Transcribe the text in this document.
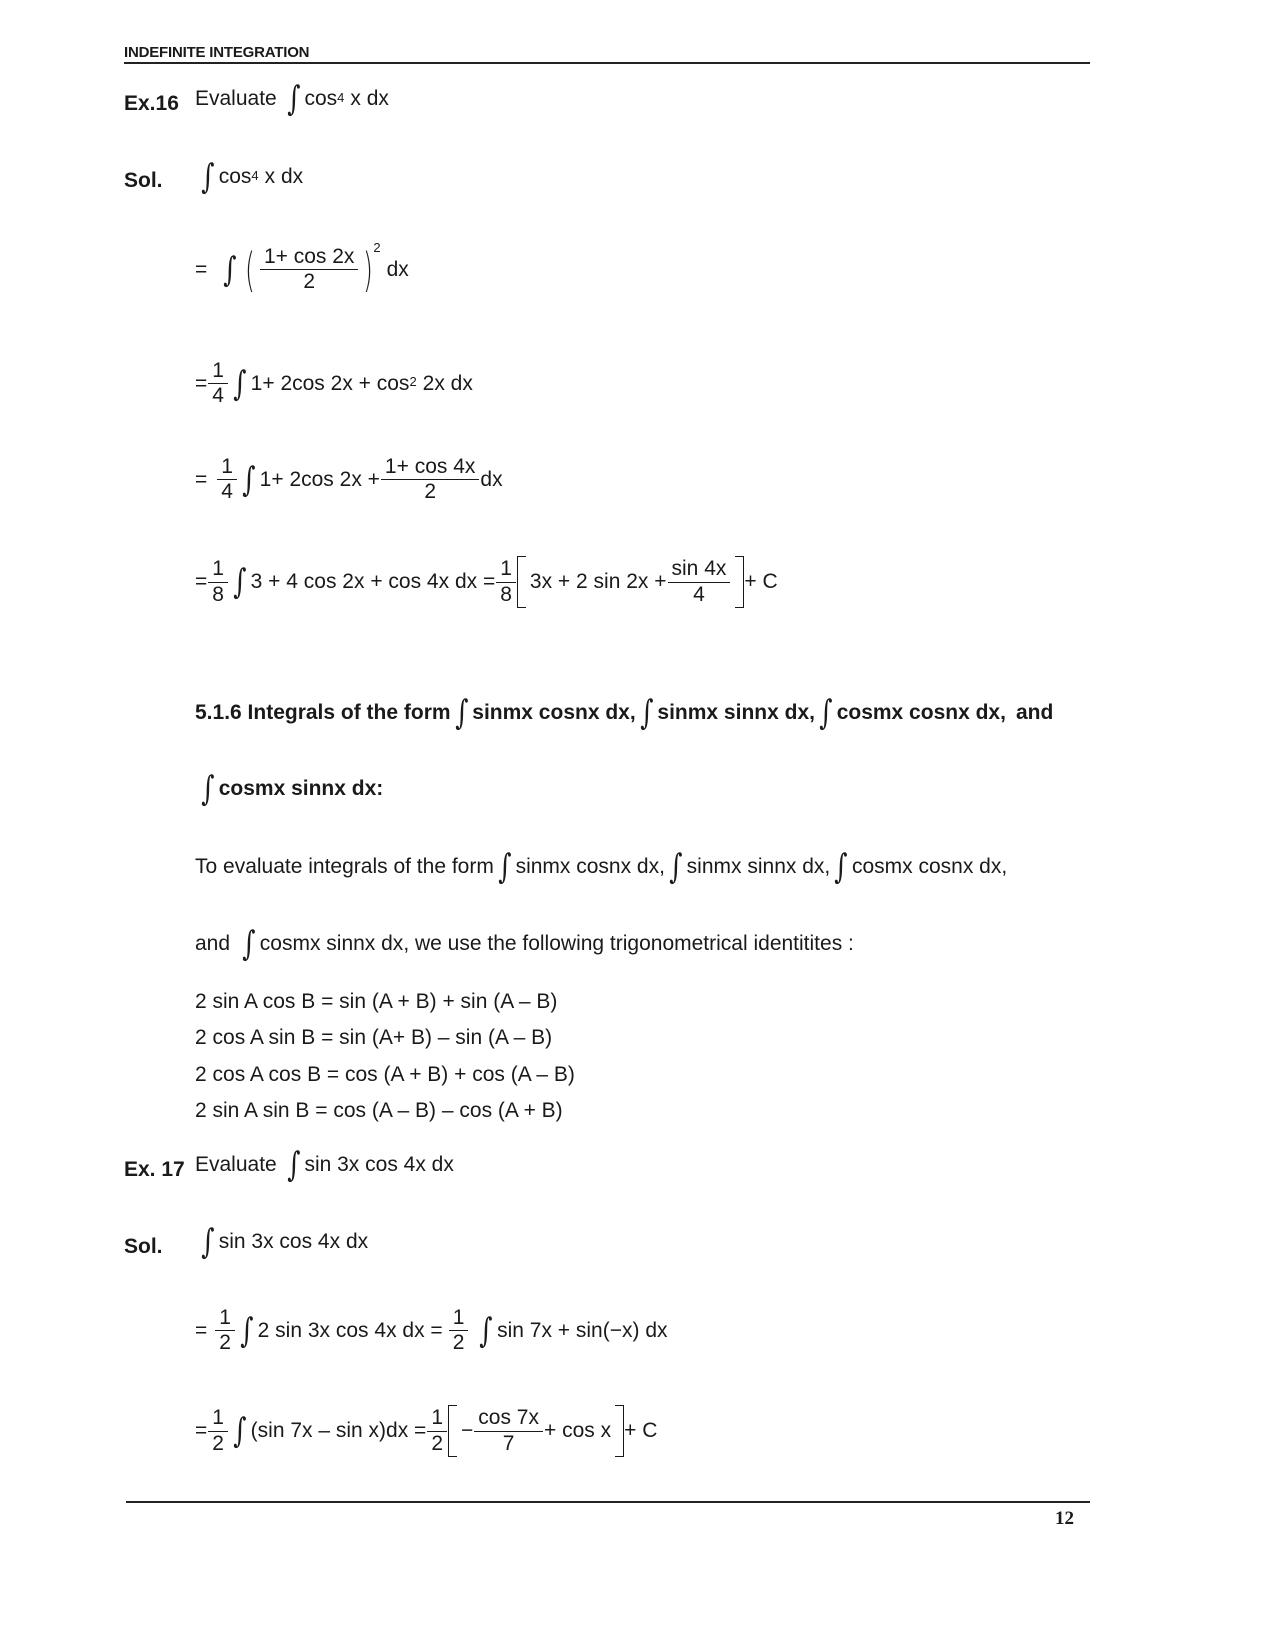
INDEFINITE INTEGRATION
Ex.16 Evaluate ∫ $\cos^4 x$ dx
Sol. ∫ $\cos^4 x$ dx
= ∫ ( $\frac{1+ \cos 2x}{2} )^2$
dx
= $\frac{1}{4}$ ∫ 1+ 2cos $2x + \cos^2 2x$ dx
= $\frac{1}{4}$ ∫ 1+ 2cos $2x + \frac{1+ \cos 4x}{2}$ dx
= $\frac{1}{8}$ ∫ 3 + 4 cos 2x + cos 4x dx = $\frac{1}{8} 3x + 2$ $\sin 2x + \frac{\sin 4x}{4} + C$
5.1.6 Integrals of the form ∫ sinmx cosnx dx , ∫ sinmx sinnx dx , ∫ cosmx cosnx dx , and
∫ cosmx sinnx dx :
To evaluate integrals of the form ∫ sinmx cosnx dx , ∫ sinmx sinnx dx , ∫ cosmx cosnx dx ,
and ∫ cosmx sinnx dx , we use the following trigonometrical identitites :
2 sin A cos B = sin (A + B) + sin (A – B)
2 cos A sin B = sin (A+ B) – sin (A – B)
2 cos A cos B = cos (A + B) + cos (A – B)
2 sin A sin B = cos (A – B) – cos (A + B)
Ex. 17 Evaluate ∫ sin 3x cos 4x dx
Sol. ∫ sin 3x cos 4x dx
= $\frac{1}{2}$ ∫ 2 sin 3x cos 4x dx = $\frac{1}{2}$ ∫ sin 7x + sin(−x) dx
= $\frac{1}{2}$ ∫ (sin $7x - \sin x)dx = \frac{1}{2} - \frac{\cos 7x}{7} + \cos x + C$
12
